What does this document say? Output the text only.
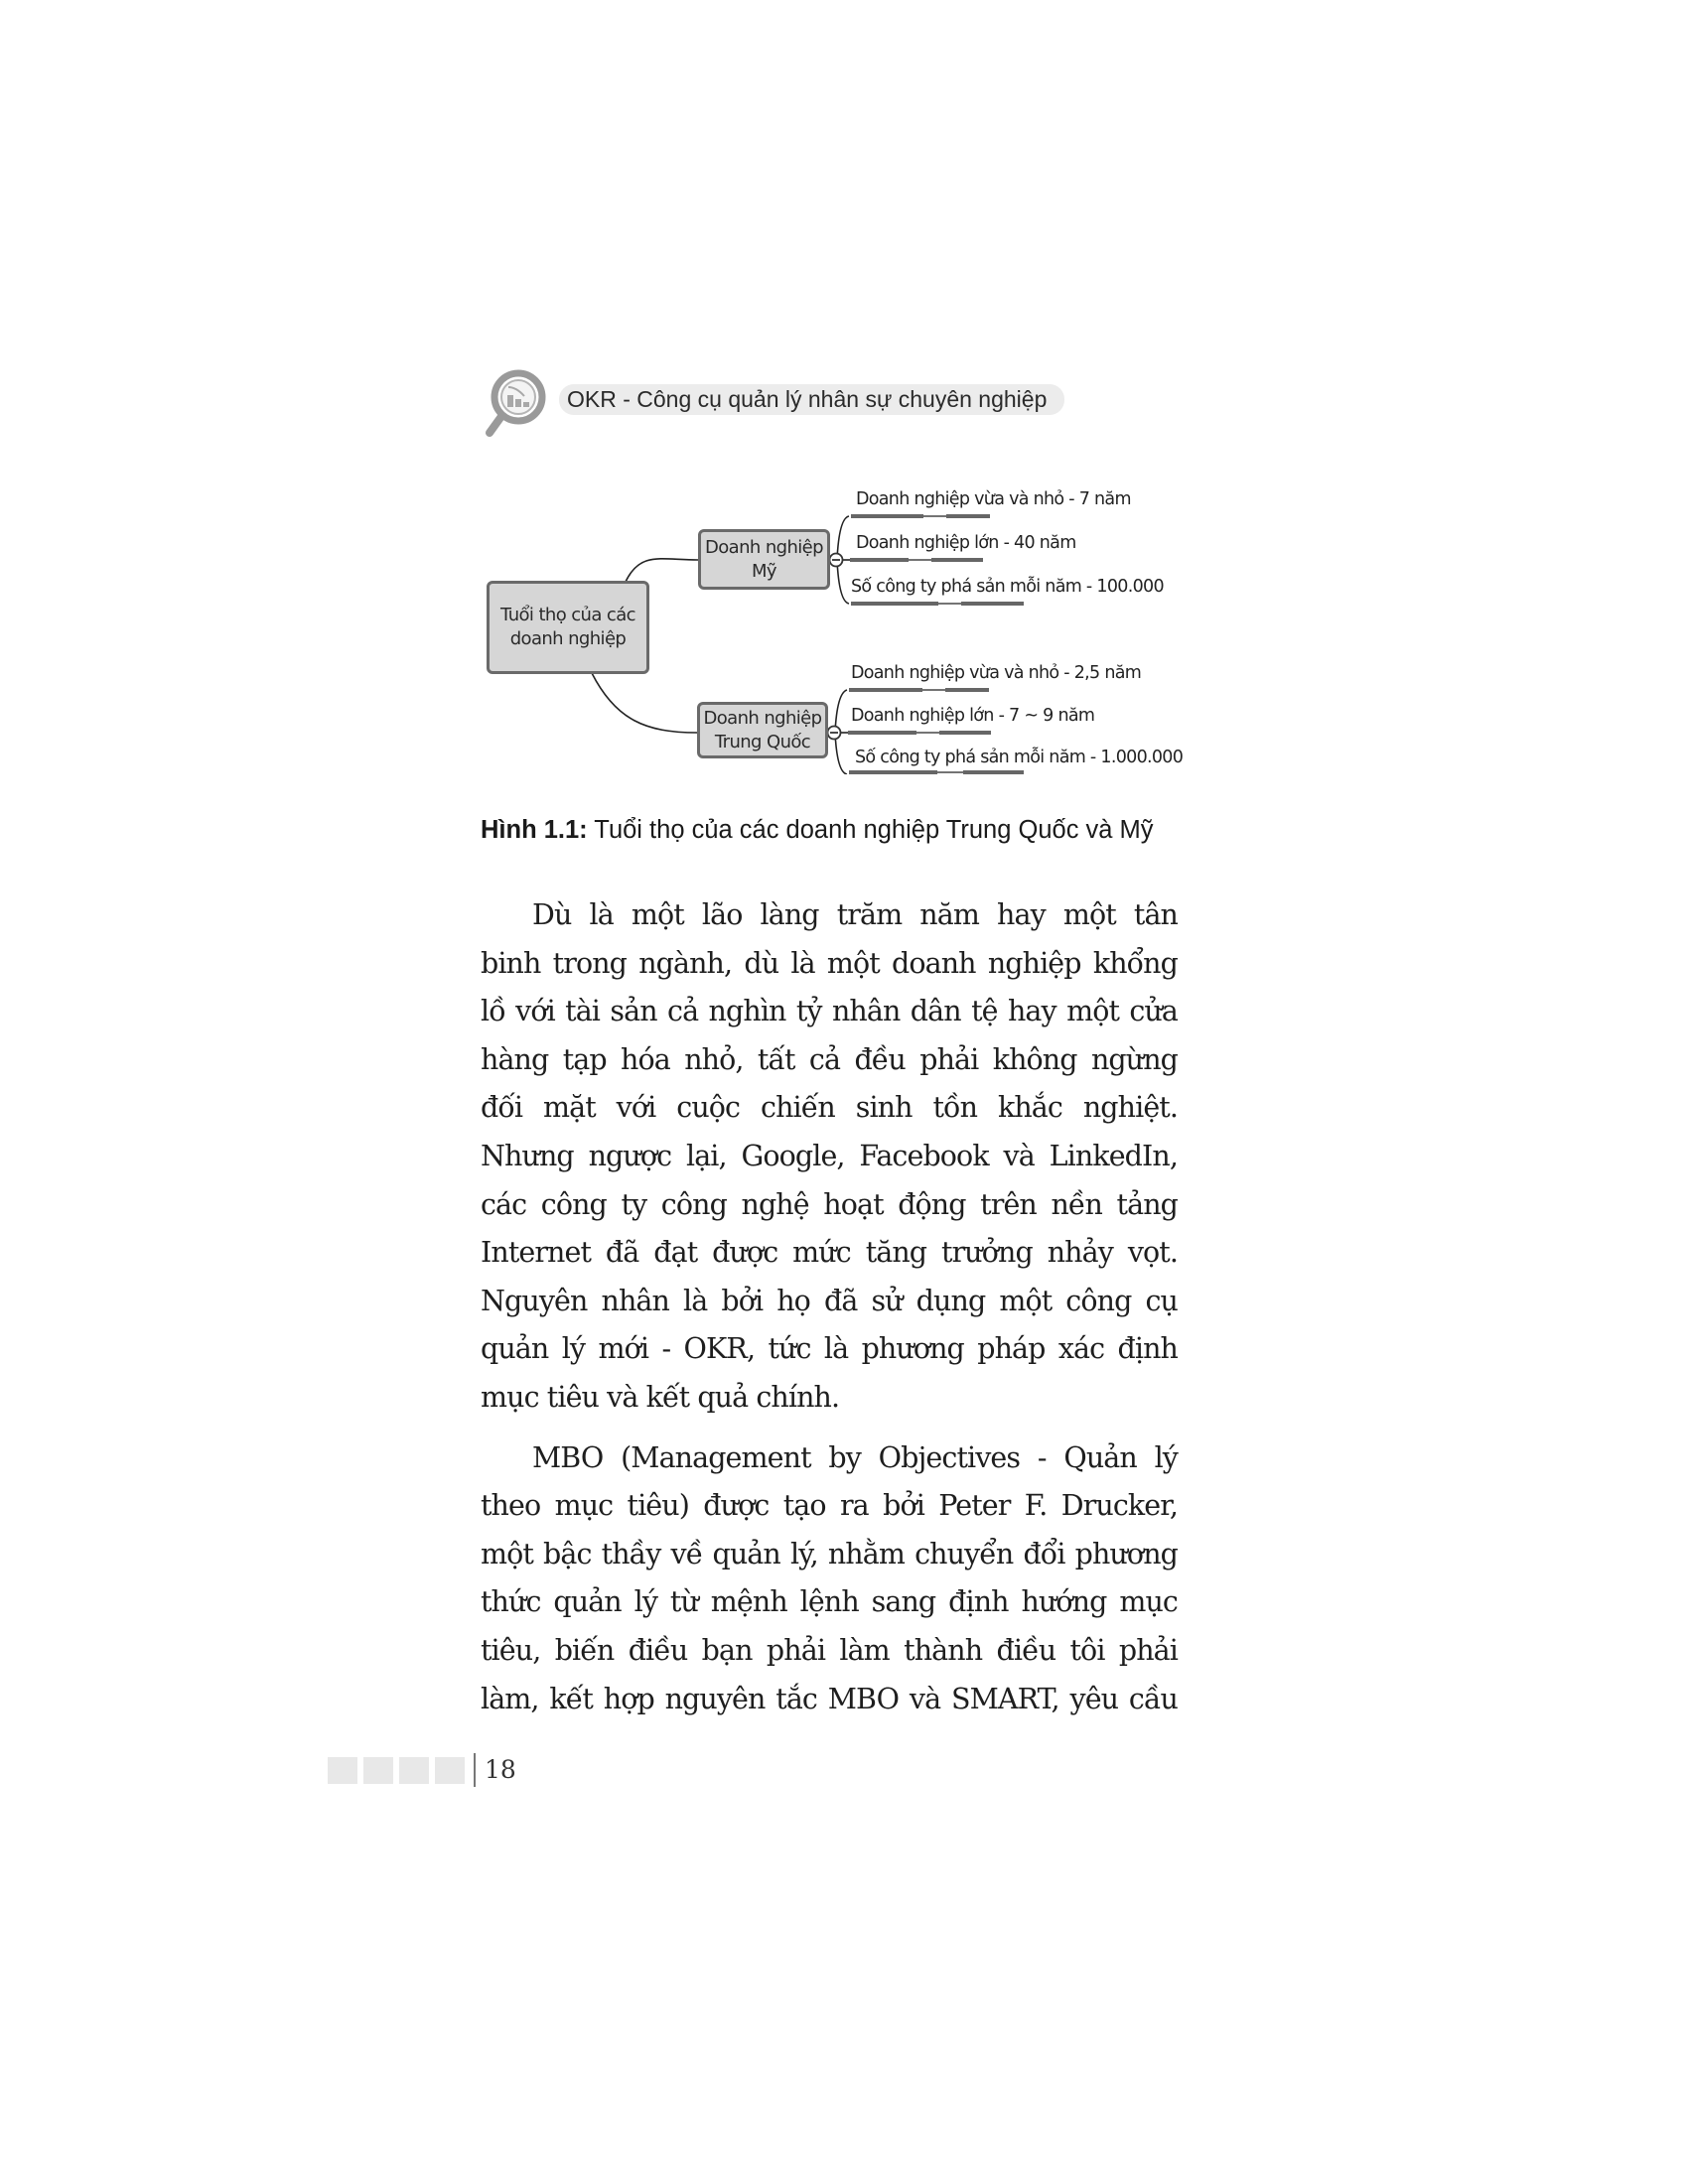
OKR - Công cụ quản lý nhân sự chuyên nghiệp
Tuổi thọ của các
doanh nghiệp
Doanh nghiệp
Mỹ
Doanh nghiệp
Trung Quốc
Doanh nghiệp vừa và nhỏ - 7 năm
Doanh nghiệp lớn - 40 năm
Số công ty phá sản mỗi năm - 100.000
Doanh nghiệp vừa và nhỏ - 2,5 năm
Doanh nghiệp lớn - 7 ~ 9 năm
Số công ty phá sản mỗi năm - 1.000.000
Hình 1.1: Tuổi thọ của các doanh nghiệp Trung Quốc và Mỹ
Dù là một lão làng trăm năm hay một tân
binh trong ngành, dù là một doanh nghiệp khổng
lồ với tài sản cả nghìn tỷ nhân dân tệ hay một cửa
hàng tạp hóa nhỏ, tất cả đều phải không ngừng
đối mặt với cuộc chiến sinh tồn khắc nghiệt.
Nhưng ngược lại, Google, Facebook và LinkedIn,
các công ty công nghệ hoạt động trên nền tảng
Internet đã đạt được mức tăng trưởng nhảy vọt.
Nguyên nhân là bởi họ đã sử dụng một công cụ
quản lý mới - OKR, tức là phương pháp xác định
mục tiêu và kết quả chính.
MBO (Management by Objectives - Quản lý
theo mục tiêu) được tạo ra bởi Peter F. Drucker,
một bậc thầy về quản lý, nhằm chuyển đổi phương
thức quản lý từ mệnh lệnh sang định hướng mục
tiêu, biến điều bạn phải làm thành điều tôi phải
làm, kết hợp nguyên tắc MBO và SMART, yêu cầu
18
